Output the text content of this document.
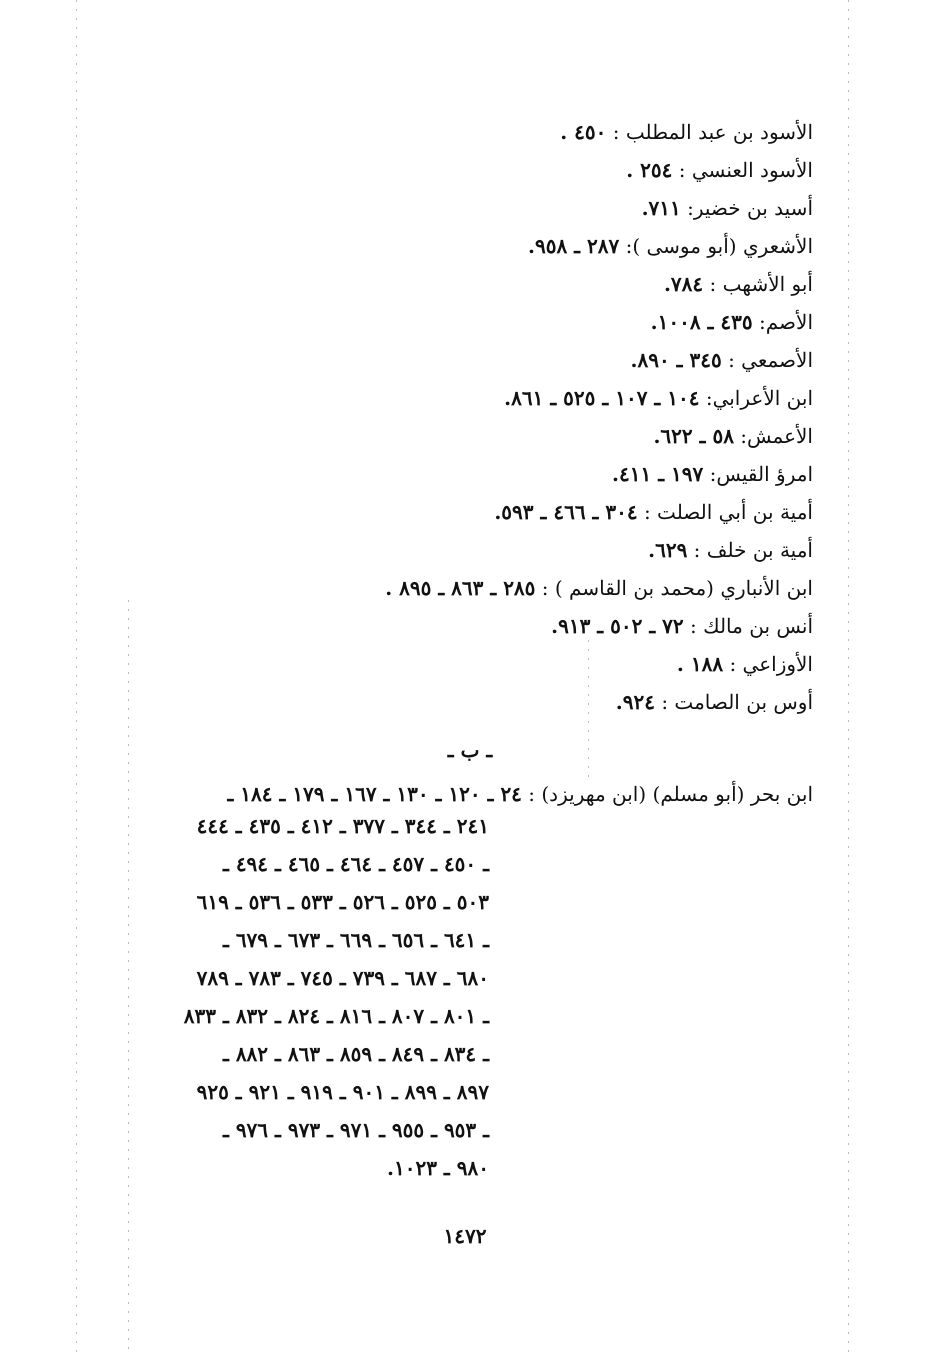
الأسود بن عبد المطلب : ٤٥٠ .
الأسود العنسي : ٢٥٤ .
أسيد بن خضير: ٧١١.
الأشعري (أبو موسى ): ٢٨٧ ـ ٩٥٨.
أبو الأشهب : ٧٨٤.
الأصم: ٤٣٥ ـ ١٠٠٨.
الأصمعي : ٣٤٥ ـ ٨٩٠.
ابن الأعرابي: ١٠٤ ـ ١٠٧ ـ ٥٢٥ ـ ٨٦١.
الأعمش: ٥٨ ـ ٦٢٢.
امرؤ القيس: ١٩٧ ـ ٤١١.
أمية بن أبي الصلت : ٣٠٤ ـ ٤٦٦ ـ ٥٩٣.
أمية بن خلف : ٦٢٩.
ابن الأنباري (محمد بن القاسم ) : ٢٨٥ ـ ٨٦٣ ـ ٨٩٥ .
أنس بن مالك : ٧٢ ـ ٥٠٢ ـ ٩١٣.
الأوزاعي : ١٨٨ .
أوس بن الصامت : ٩٢٤.
ـ ب ـ
ابن بحر (أبو مسلم) (ابن مهريزد) : ٢٤ ـ ١٢٠ ـ ١٣٠ ـ ١٦٧ ـ ١٧٩ ـ ١٨٤ ـ
٢٤١ ـ ٣٤٤ ـ ٣٧٧ ـ ٤١٢ ـ ٤٣٥ ـ ٤٤٤
ـ ٤٥٠ ـ ٤٥٧ ـ ٤٦٤ ـ ٤٦٥ ـ ٤٩٤ ـ
٥٠٣ ـ ٥٢٥ ـ ٥٢٦ ـ ٥٣٣ ـ ٥٣٦ ـ ٦١٩
ـ ٦٤١ ـ ٦٥٦ ـ ٦٦٩ ـ ٦٧٣ ـ ٦٧٩ ـ
٦٨٠ ـ ٦٨٧ ـ ٧٣٩ ـ ٧٤٥ ـ ٧٨٣ ـ ٧٨٩
ـ ٨٠١ ـ ٨٠٧ ـ ٨١٦ ـ ٨٢٤ ـ ٨٣٢ ـ ٨٣٣
ـ ٨٣٤ ـ ٨٤٩ ـ ٨٥٩ ـ ٨٦٣ ـ ٨٨٢ ـ
٨٩٧ ـ ٨٩٩ ـ ٩٠١ ـ ٩١٩ ـ ٩٢١ ـ ٩٢٥
ـ ٩٥٣ ـ ٩٥٥ ـ ٩٧١ ـ ٩٧٣ ـ ٩٧٦ ـ
٩٨٠ ـ ١٠٢٣.
١٤٧٢
